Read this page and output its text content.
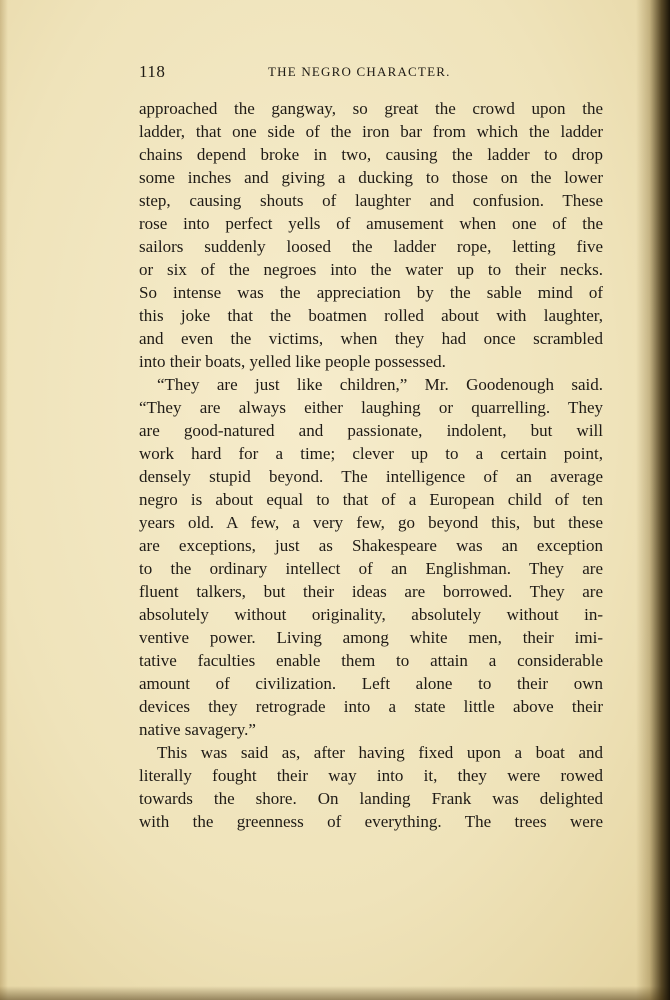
118	THE NEGRO CHARACTER.
approached the gangway, so great the crowd upon the
ladder, that one side of the iron bar from which the ladder
chains depend broke in two, causing the ladder to drop
some inches and giving a ducking to those on the lower
step, causing shouts of laughter and confusion. These
rose into perfect yells of amusement when one of the
sailors suddenly loosed the ladder rope, letting five
or six of the negroes into the water up to their necks.
So intense was the appreciation by the sable mind of
this joke that the boatmen rolled about with laughter,
and even the victims, when they had once scrambled
into their boats, yelled like people possessed.
“They are just like children,” Mr. Goodenough said.
“They are always either laughing or quarrelling. They
are good-natured and passionate, indolent, but will
work hard for a time; clever up to a certain point,
densely stupid beyond. The intelligence of an average
negro is about equal to that of a European child of ten
years old. A few, a very few, go beyond this, but these
are exceptions, just as Shakespeare was an exception
to the ordinary intellect of an Englishman. They are
fluent talkers, but their ideas are borrowed. They are
absolutely without originality, absolutely without in-
ventive power. Living among white men, their imi-
tative faculties enable them to attain a considerable
amount of civilization. Left alone to their own
devices they retrograde into a state little above their
native savagery.”
This was said as, after having fixed upon a boat and
literally fought their way into it, they were rowed
towards the shore. On landing Frank was delighted
with the greenness of everything. The trees were
